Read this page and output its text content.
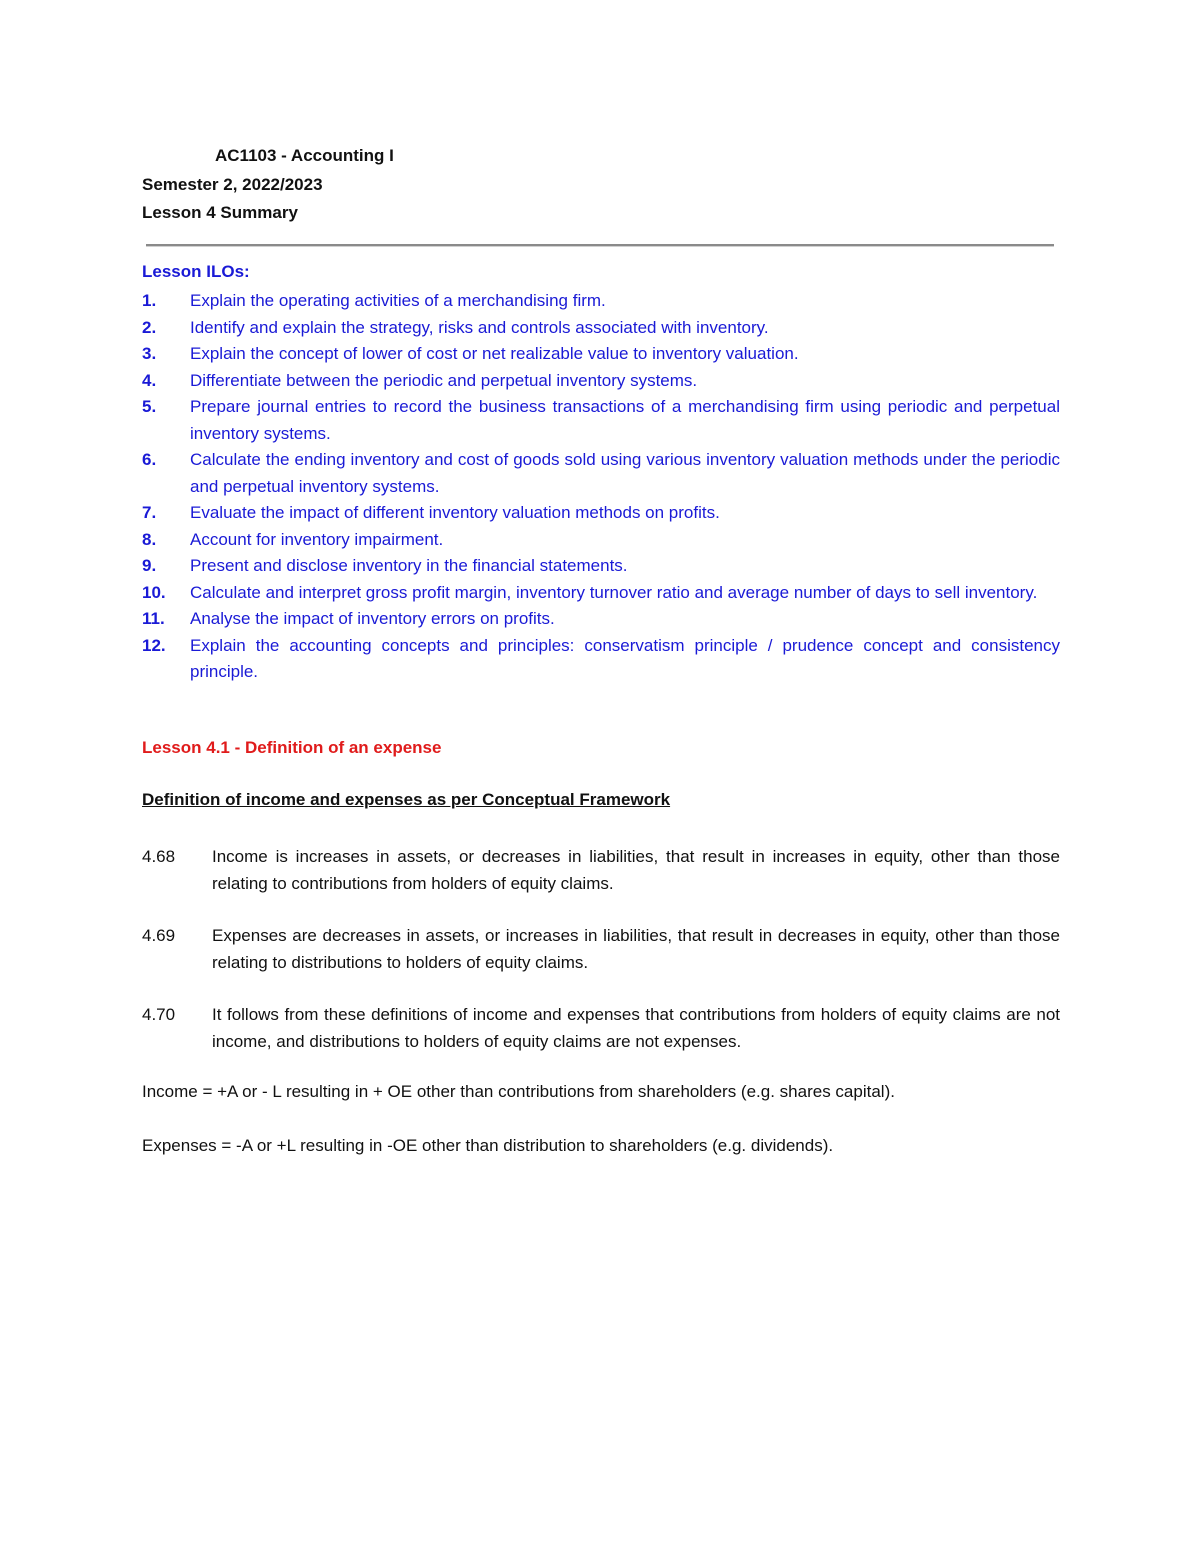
AC1103 - Accounting I
Semester 2, 2022/2023
Lesson 4 Summary
Lesson ILOs:
1. Explain the operating activities of a merchandising firm.
2. Identify and explain the strategy, risks and controls associated with inventory.
3. Explain the concept of lower of cost or net realizable value to inventory valuation.
4. Differentiate between the periodic and perpetual inventory systems.
5. Prepare journal entries to record the business transactions of a merchandising firm using periodic and perpetual inventory systems.
6. Calculate the ending inventory and cost of goods sold using various inventory valuation methods under the periodic and perpetual inventory systems.
7. Evaluate the impact of different inventory valuation methods on profits.
8. Account for inventory impairment.
9. Present and disclose inventory in the financial statements.
10. Calculate and interpret gross profit margin, inventory turnover ratio and average number of days to sell inventory.
11. Analyse the impact of inventory errors on profits.
12. Explain the accounting concepts and principles: conservatism principle / prudence concept and consistency principle.
Lesson 4.1 - Definition of an expense
Definition of income and expenses as per Conceptual Framework
4.68 Income is increases in assets, or decreases in liabilities, that result in increases in equity, other than those relating to contributions from holders of equity claims.
4.69 Expenses are decreases in assets, or increases in liabilities, that result in decreases in equity, other than those relating to distributions to holders of equity claims.
4.70 It follows from these definitions of income and expenses that contributions from holders of equity claims are not income, and distributions to holders of equity claims are not expenses.
Income = +A or - L resulting in + OE other than contributions from shareholders (e.g. shares capital).
Expenses = -A or +L resulting in -OE other than distribution to shareholders (e.g. dividends).
